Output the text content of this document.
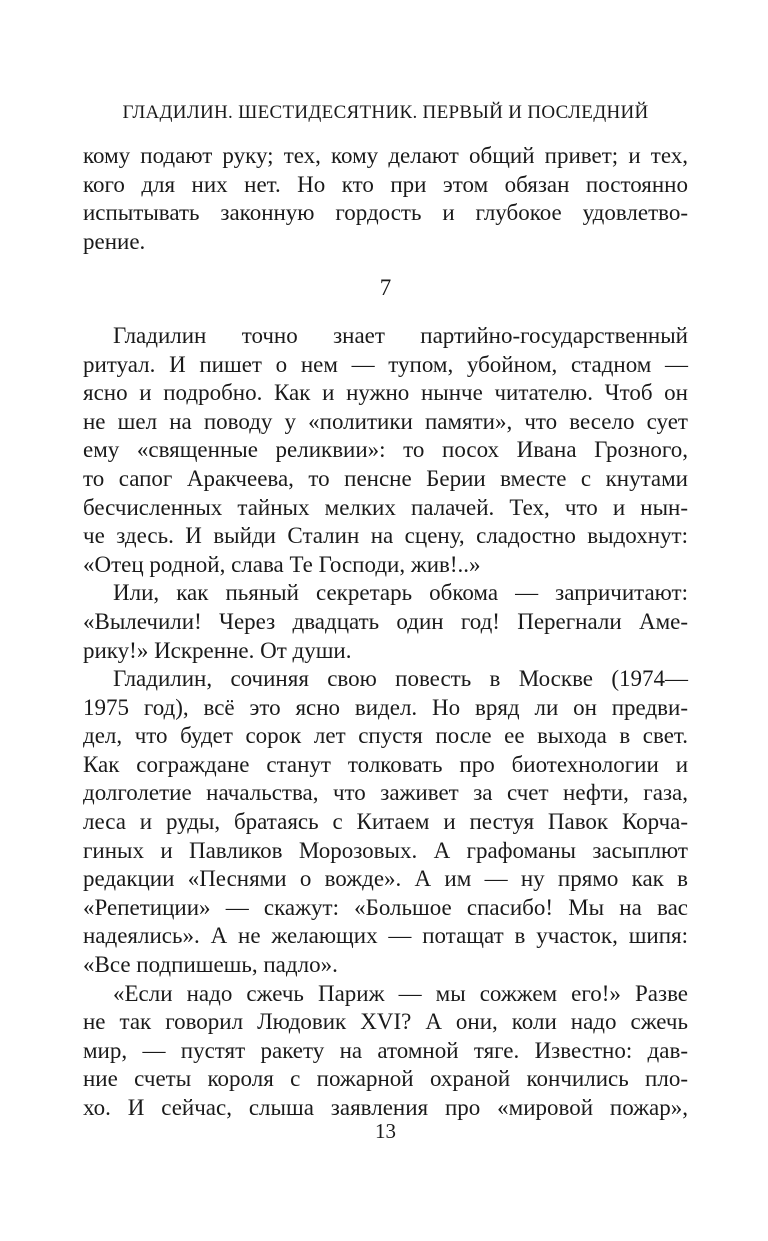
ГЛАДИЛИН. ШЕСТИДЕСЯТНИК. ПЕРВЫЙ И ПОСЛЕДНИЙ
кому подают руку; тех, кому делают общий привет; и тех,
кого для них нет. Но кто при этом обязан постоянно
испытывать законную гордость и глубокое удовлетво-
рение.
7
Гладилин точно знает партийно-государственный
ритуал. И пишет о нем — тупом, убойном, стадном —
ясно и подробно. Как и нужно нынче читателю. Чтоб он
не шел на поводу у «политики памяти», что весело сует
ему «священные реликвии»: то посох Ивана Грозного,
то сапог Аракчеева, то пенсне Берии вместе с кнутами
бесчисленных тайных мелких палачей. Тех, что и нын-
че здесь. И выйди Сталин на сцену, сладостно выдохнут:
«Отец родной, слава Те Господи, жив!..»
Или, как пьяный секретарь обкома — запричитают:
«Вылечили! Через двадцать один год! Перегнали Аме-
рику!» Искренне. От души.
Гладилин, сочиняя свою повесть в Москве (1974—
1975 год), всё это ясно видел. Но вряд ли он предви-
дел, что будет сорок лет спустя после ее выхода в свет.
Как сограждане станут толковать про биотехнологии и
долголетие начальства, что заживет за счет нефти, газа,
леса и руды, братаясь с Китаем и пестуя Павок Корча-
гиных и Павликов Морозовых. А графоманы засыплют
редакции «Песнями о вожде». А им — ну прямо как в
«Репетиции» — скажут: «Большое спасибо! Мы на вас
надеялись». А не желающих — потащат в участок, шипя:
«Все подпишешь, падло».
«Если надо сжечь Париж — мы сожжем его!» Разве
не так говорил Людовик XVI? А они, коли надо сжечь
мир, — пустят ракету на атомной тяге. Известно: дав-
ние счеты короля с пожарной охраной кончились пло-
хо. И сейчас, слыша заявления про «мировой пожар»,
13
